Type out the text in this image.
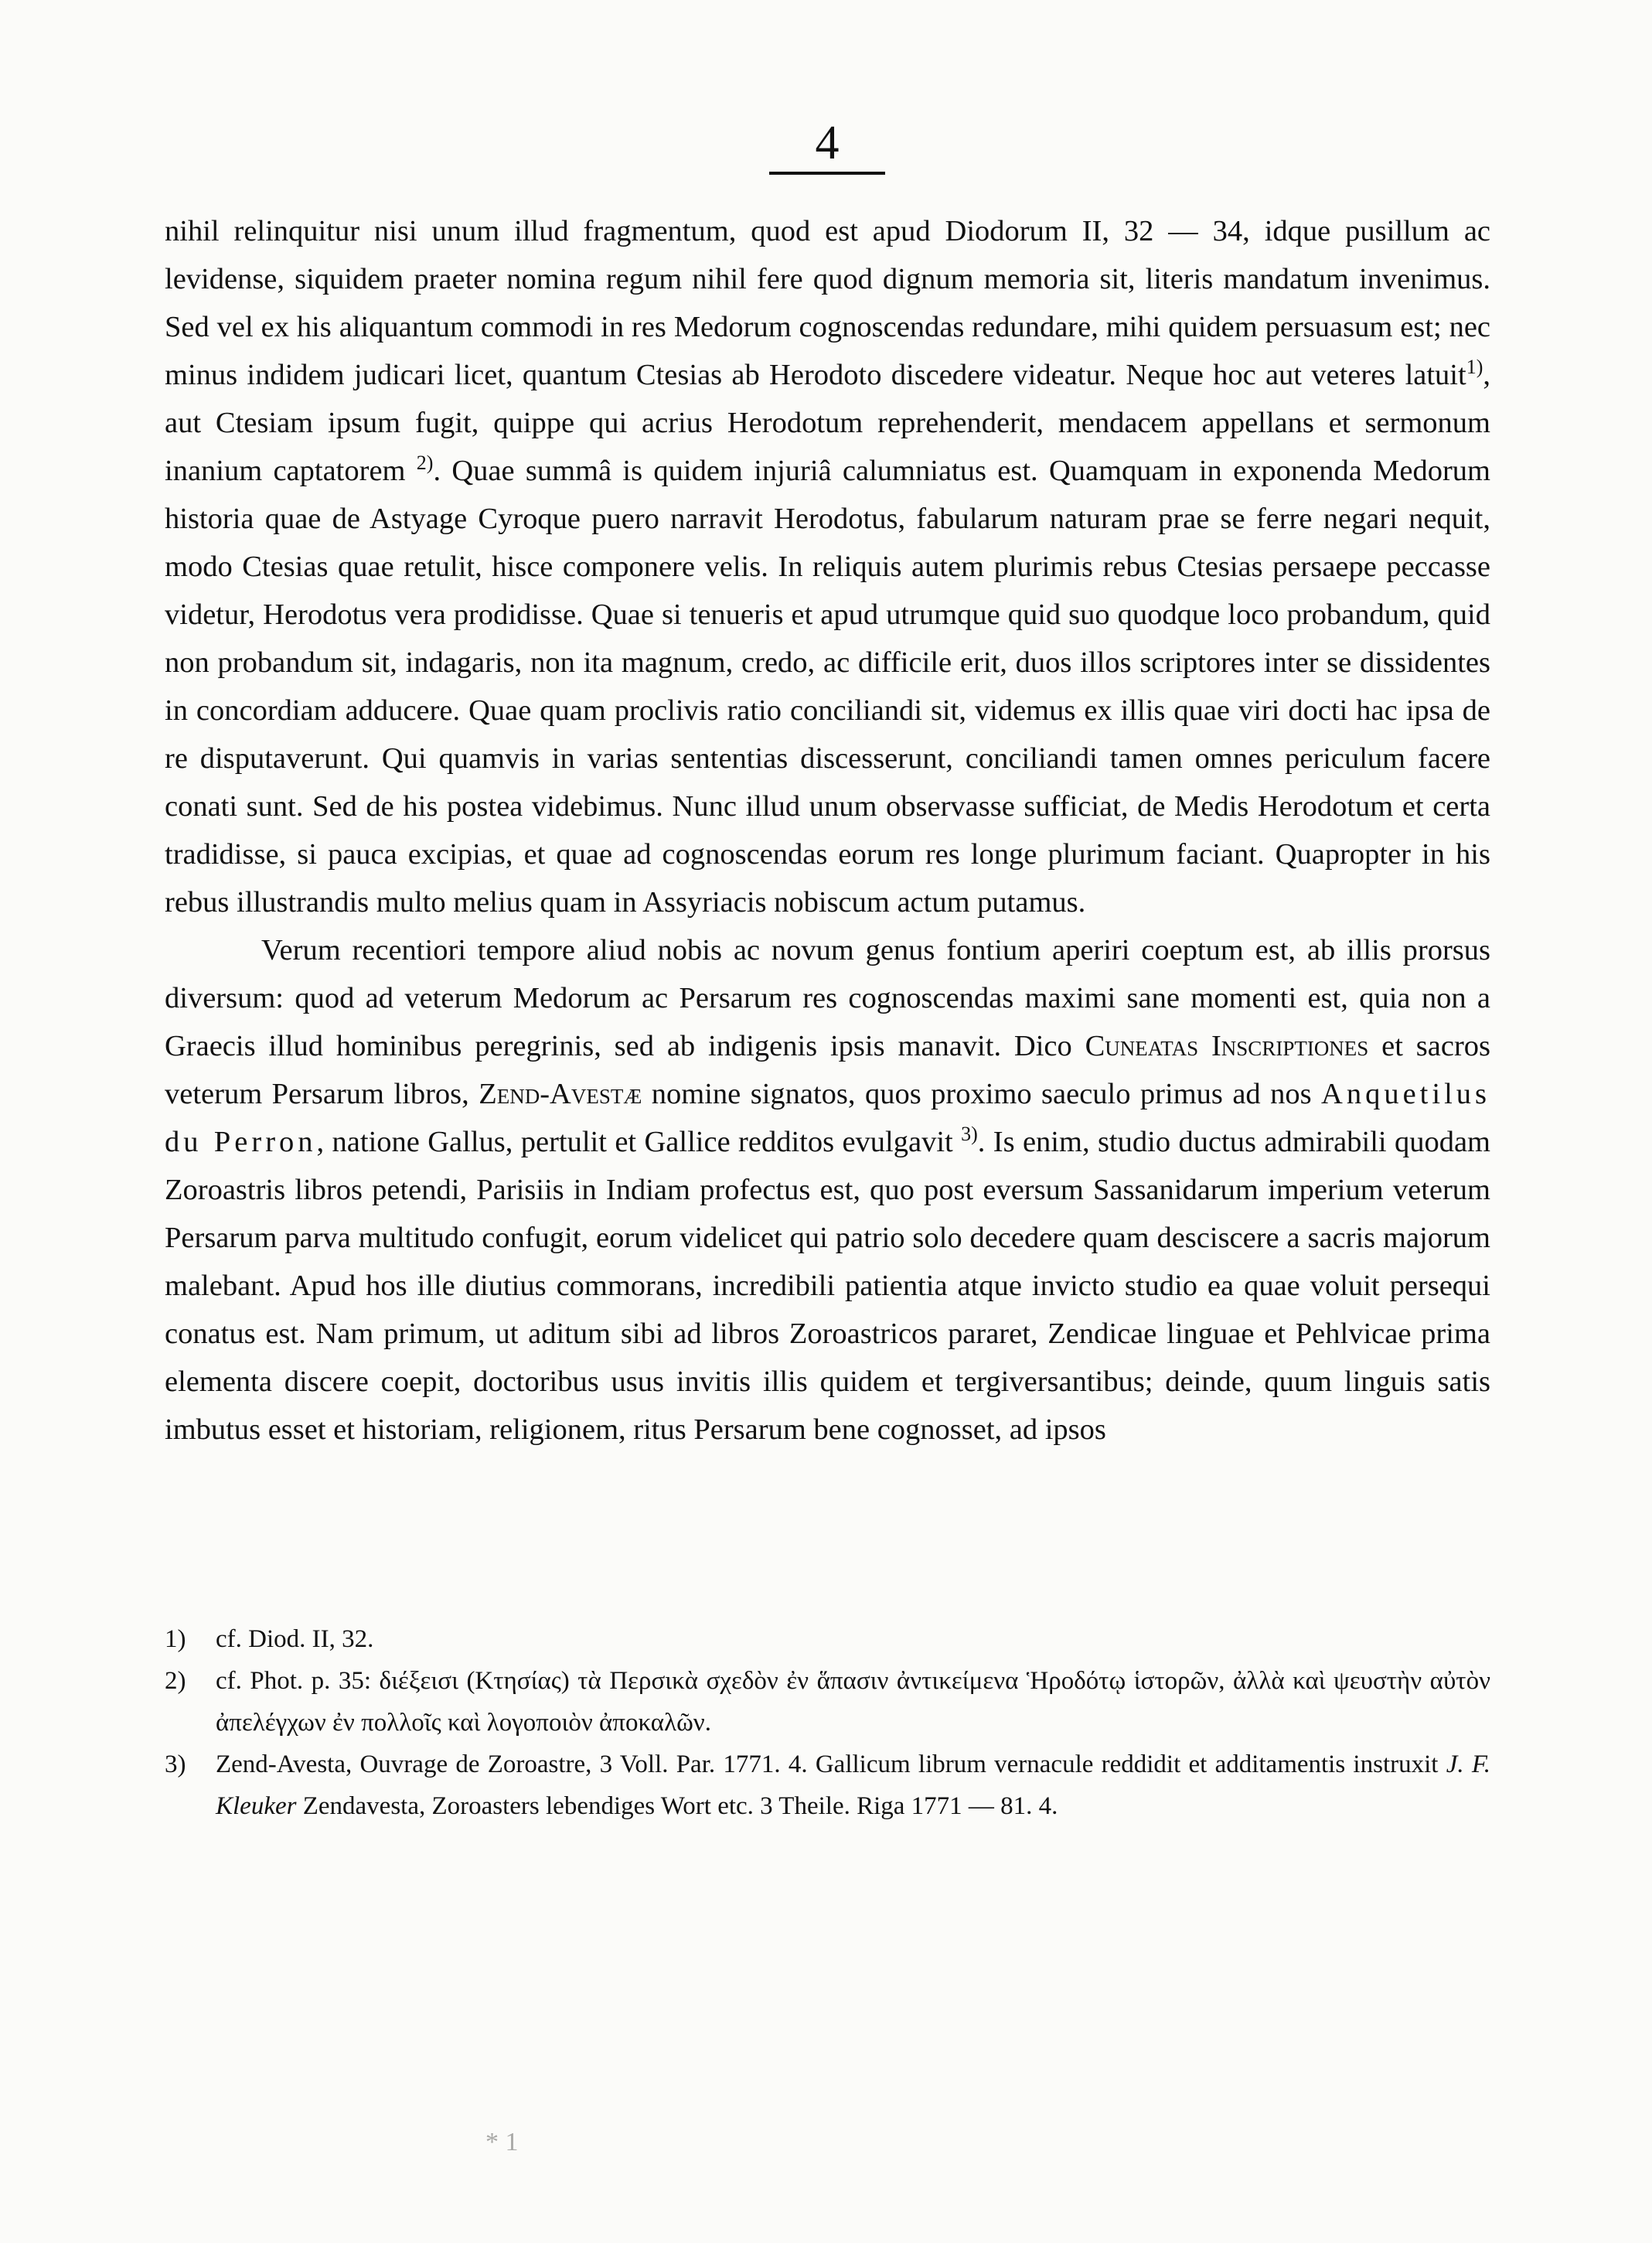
4

nihil relinquitur nisi unum illud fragmentum, quod est apud Diodorum II, 32 — 34, idque pusillum ac levidense, siquidem praeter nomina regum nihil fere quod dignum memoria sit, literis mandatum invenimus. Sed vel ex his aliquantum commodi in res Medorum cognoscendas redundare, mihi quidem persuasum est; nec minus indidem judicari licet, quantum Ctesias ab Herodoto discedere videatur. Neque hoc aut veteres latuit$^{1)}$, aut Ctesiam ipsum fugit, quippe qui acrius Herodotum reprehenderit, mendacem appellans et sermonum inanium captatorem $^{2)}$. Quae summâ is quidem injuriâ calumniatus est. Quamquam in exponenda Medorum historia quae de Astyage Cyroque puero narravit Herodotus, fabularum naturam prae se ferre negari nequit, modo Ctesias quae retulit, hisce componere velis. In reliquis autem plurimis rebus Ctesias persaepe peccasse videtur, Herodotus vera prodidisse. Quae si tenueris et apud utrumque quid suo quodque loco probandum, quid non probandum sit, indagaris, non ita magnum, credo, ac difficile erit, duos illos scriptores inter se dissidentes in concordiam adducere. Quae quam proclivis ratio conciliandi sit, videmus ex illis quae viri docti hac ipsa de re disputaverunt. Qui quamvis in varias sententias discesserunt, conciliandi tamen omnes periculum facere conati sunt. Sed de his postea videbimus. Nunc illud unum observasse sufficiat, de Medis Herodotum et certa tradidisse, si pauca excipias, et quae ad cognoscendas eorum res longe plurimum faciant. Quapropter in his rebus illustrandis multo melius quam in Assyriacis nobiscum actum putamus.

Verum recentiori tempore aliud nobis ac novum genus fontium aperiri coeptum est, ab illis prorsus diversum: quod ad veterum Medorum ac Persarum res cognoscendas maximi sane momenti est, quia non a Graecis illud hominibus peregrinis, sed ab indigenis ipsis manavit. Dico Cuneatas Inscriptiones et sacros veterum Persarum libros, Zend-Avestæ nomine signatos, quos proximo saeculo primus ad nos Anquetilus du Perron, natione Gallus, pertulit et Gallice redditos evulgavit $^{3)}$. Is enim, studio ductus admirabili quodam Zoroastris libros petendi, Parisiis in Indiam profectus est, quo post eversum Sassanidarum imperium veterum Persarum parva multitudo confugit, eorum videlicet qui patrio solo decedere quam desciscere a sacris majorum malebant. Apud hos ille diutius commorans, incredibili patientia atque invicto studio ea quae voluit persequi conatus est. Nam primum, ut aditum sibi ad libros Zoroastricos pararet, Zendicae linguae et Pehlvicae prima elementa discere coepit, doctoribus usus invitis illis quidem et tergiversantibus; deinde, quum linguis satis imbutus esset et historiam, religionem, ritus Persarum bene cognosset, ad ipsos

1) cf. Diod. II, 32.

2) cf. Phot. p. 35: διέξεισι (Κτησίας) τὰ Περσικὰ σχεδὸν ἐν ἅπασιν ἀντικείμενα Ἡροδότῳ ἱστορῶν, ἀλλὰ καὶ ψευστὴν αὐτὸν ἀπελέγχων ἐν πολλοῖς καὶ λογοποιὸν ἀποκαλῶν.

3) Zend-Avesta, Ouvrage de Zoroastre, 3 Voll. Par. 1771. 4. Gallicum librum vernacule reddidit et additamentis instruxit J. F. Kleuker Zendavesta, Zoroasters lebendiges Wort etc. 3 Theile. Riga 1771 — 81. 4.

* 1
